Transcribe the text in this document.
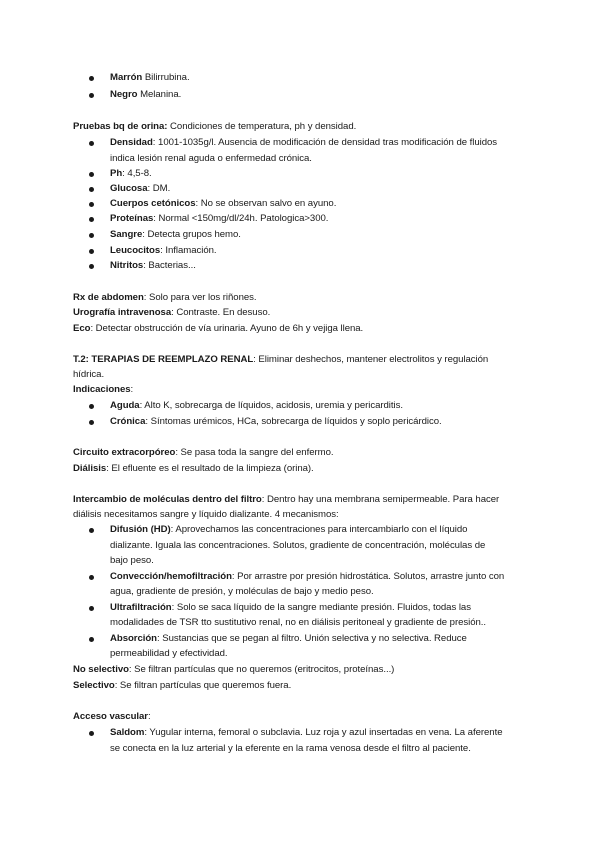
Marrón Bilirrubina.
Negro Melanina.
Pruebas bq de orina: Condiciones de temperatura, ph y densidad.
Densidad: 1001-1035g/l. Ausencia de modificación de densidad tras modificación de fluidos
indica lesión renal aguda o enfermedad crónica.
Ph: 4,5-8.
Glucosa: DM.
Cuerpos cetónicos: No se observan salvo en ayuno.
Proteínas: Normal <150mg/dl/24h. Patologica>300.
Sangre: Detecta grupos hemo.
Leucocitos: Inflamación.
Nitritos: Bacterias...
Rx de abdomen: Solo para ver los riñones.
Urografía intravenosa: Contraste. En desuso.
Eco: Detectar obstrucción de vía urinaria. Ayuno de 6h y vejiga llena.
T.2: TERAPIAS DE REEMPLAZO RENAL: Eliminar deshechos, mantener electrolitos y regulación
hídrica.
Indicaciones:
Aguda: Alto K, sobrecarga de líquidos, acidosis, uremia y pericarditis.
Crónica: Síntomas urémicos, HCa, sobrecarga de líquidos y soplo pericárdico.
Circuito extracorpóreo: Se pasa toda la sangre del enfermo.
Diálisis: El efluente es el resultado de la limpieza (orina).
Intercambio de moléculas dentro del filtro: Dentro hay una membrana semipermeable. Para hacer
diálisis necesitamos sangre y líquido dializante. 4 mecanismos:
Difusión (HD): Aprovechamos las concentraciones para intercambiarlo con el líquido
dializante. Iguala las concentraciones. Solutos, gradiente de concentración, moléculas de
bajo peso.
Convección/hemofiltración: Por arrastre por presión hidrostática. Solutos, arrastre junto con
agua, gradiente de presión, y moléculas de bajo y medio peso.
Ultrafiltración: Solo se saca líquido de la sangre mediante presión. Fluidos, todas las
modalidades de TSR tto sustitutivo renal, no en diálisis peritoneal y gradiente de presión..
Absorción: Sustancias que se pegan al filtro. Unión selectiva y no selectiva. Reduce
permeabilidad y efectividad.
No selectivo: Se filtran partículas que no queremos (eritrocitos, proteínas...)
Selectivo: Se filtran partículas que queremos fuera.
Acceso vascular:
Saldom: Yugular interna, femoral o subclavia. Luz roja y azul insertadas en vena. La aferente
se conecta en la luz arterial y la eferente en la rama venosa desde el filtro al paciente.
